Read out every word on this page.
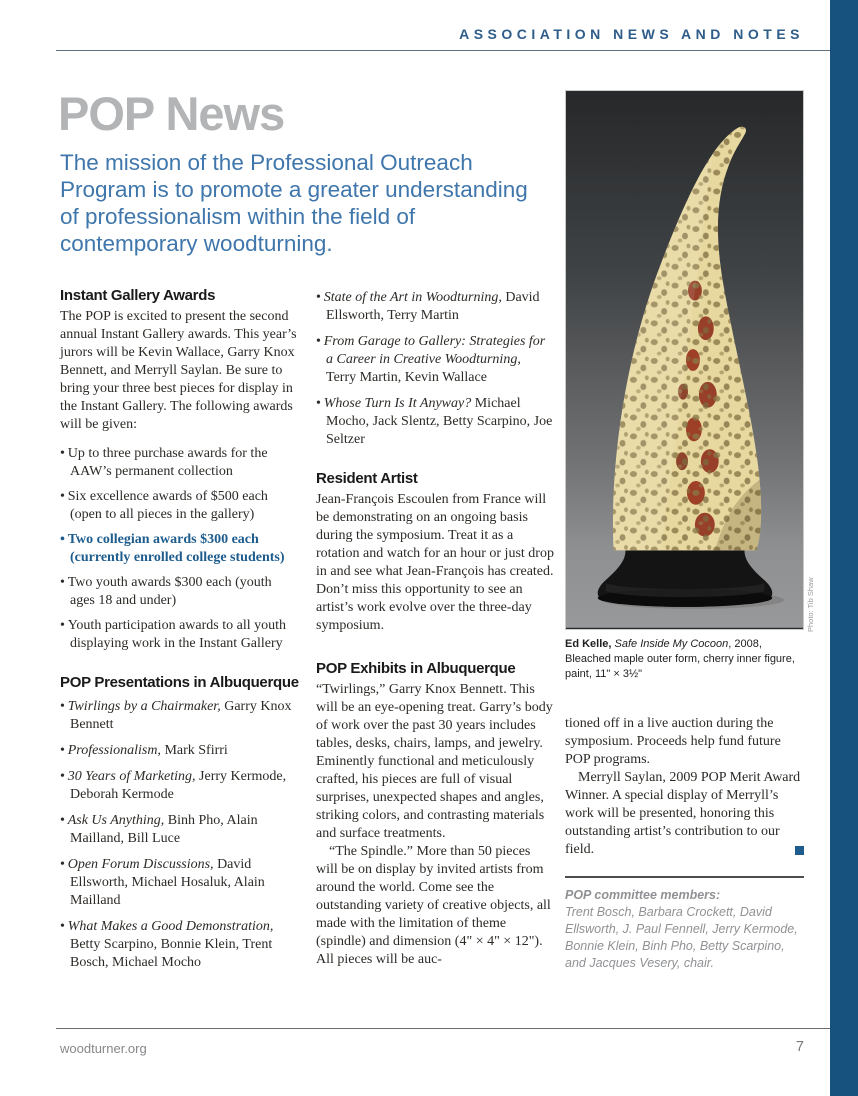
ASSOCIATION NEWS AND NOTES
POP News
The mission of the Professional Outreach
Program is to promote a greater understanding
of professionalism within the field of
contemporary woodturning.
Instant Gallery Awards
The POP is excited to present the second annual Instant Gallery awards. This year’s jurors will be Kevin Wallace, Garry Knox Bennett, and Merryll Saylan. Be sure to bring your three best pieces for display in the Instant Gallery. The following awards will be given:
• Up to three purchase awards for the AAW’s permanent collection
• Six excellence awards of $500 each (open to all pieces in the gallery)
• Two collegian awards $300 each (currently enrolled college students)
• Two youth awards $300 each (youth ages 18 and under)
• Youth participation awards to all youth displaying work in the Instant Gallery
POP Presentations in Albuquerque
• Twirlings by a Chairmaker, Garry Knox Bennett
• Professionalism, Mark Sfirri
• 30 Years of Marketing, Jerry Kermode, Deborah Kermode
• Ask Us Anything, Binh Pho, Alain Mailland, Bill Luce
• Open Forum Discussions, David Ellsworth, Michael Hosaluk, Alain Mailland
• What Makes a Good Demonstration, Betty Scarpino, Bonnie Klein, Trent Bosch, Michael Mocho
• State of the Art in Woodturning, David Ellsworth, Terry Martin
• From Garage to Gallery: Strategies for a Career in Creative Woodturning, Terry Martin, Kevin Wallace
• Whose Turn Is It Anyway? Michael Mocho, Jack Slentz, Betty Scarpino, Joe Seltzer
Resident Artist
Jean-François Escoulen from France will be demonstrating on an ongoing basis during the symposium. Treat it as a rotation and watch for an hour or just drop in and see what Jean-François has created. Don’t miss this opportunity to see an artist’s work evolve over the three-day symposium.
POP Exhibits in Albuquerque
“Twirlings,” Garry Knox Bennett. This will be an eye-opening treat. Garry’s body of work over the past 30 years includes tables, desks, chairs, lamps, and jewelry. Eminently functional and meticulously crafted, his pieces are full of visual surprises, unexpected shapes and angles, striking colors, and contrasting materials and surface treatments.
“The Spindle.” More than 50 pieces will be on display by invited artists from around the world. Come see the outstanding variety of creative objects, all made with the limitation of theme (spindle) and dimension (4" × 4" × 12"). All pieces will be auc-
Ed Kelle, Safe Inside My Cocoon, 2008, Bleached maple outer form, cherry inner figure, paint, 11" × 3½"
tioned off in a live auction during the symposium. Proceeds help fund future POP programs.
Merryll Saylan, 2009 POP Merit Award Winner. A special display of Merryll’s work will be presented, honoring this outstanding artist’s contribution to our field.
POP committee members:
Trent Bosch, Barbara Crockett, David Ellsworth, J. Paul Fennell, Jerry Kermode, Bonnie Klein, Binh Pho, Betty Scarpino, and Jacques Vesery, chair.
Photo: Tib Shaw
woodturner.org	7
